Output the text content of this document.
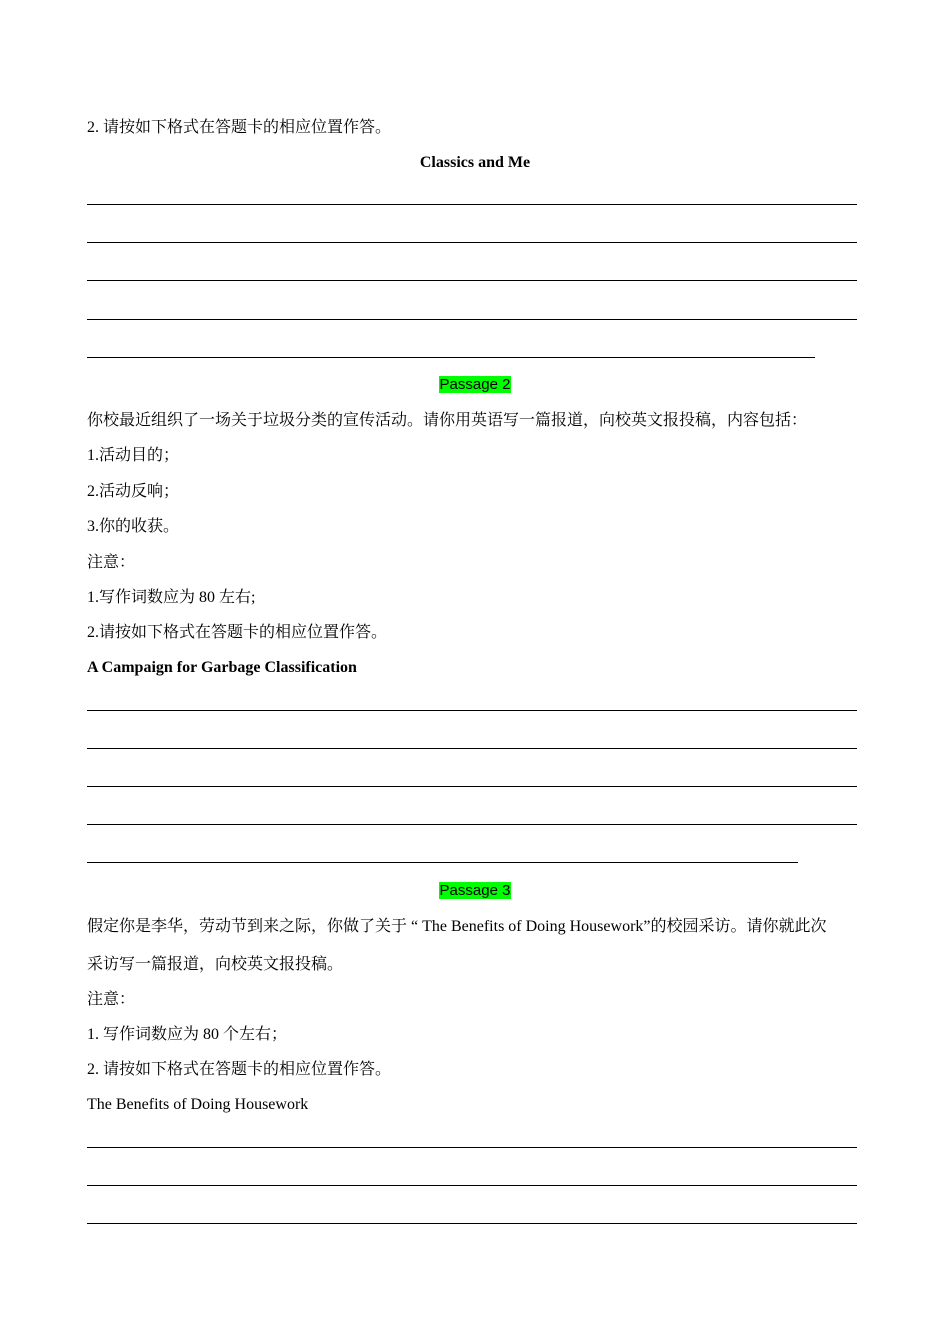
2. 请按如下格式在答题卡的相应位置作答。
Classics and Me
Passage 2
你校最近组织了一场关于垃圾分类的宣传活动。请你用英语写一篇报道，向校英文报投稿，内容包括：
1.活动目的；
2.活动反响；
3.你的收获。
注意：
1.写作词数应为 80 左右;
2.请按如下格式在答题卡的相应位置作答。
A Campaign for Garbage Classification
Passage 3
假定你是李华，劳动节到来之际，你做了关于 “ The Benefits of Doing Housework”的校园采访。请你就此次
采访写一篇报道，向校英文报投稿。
注意：
1. 写作词数应为 80 个左右；
2. 请按如下格式在答题卡的相应位置作答。
The Benefits of Doing Housework
